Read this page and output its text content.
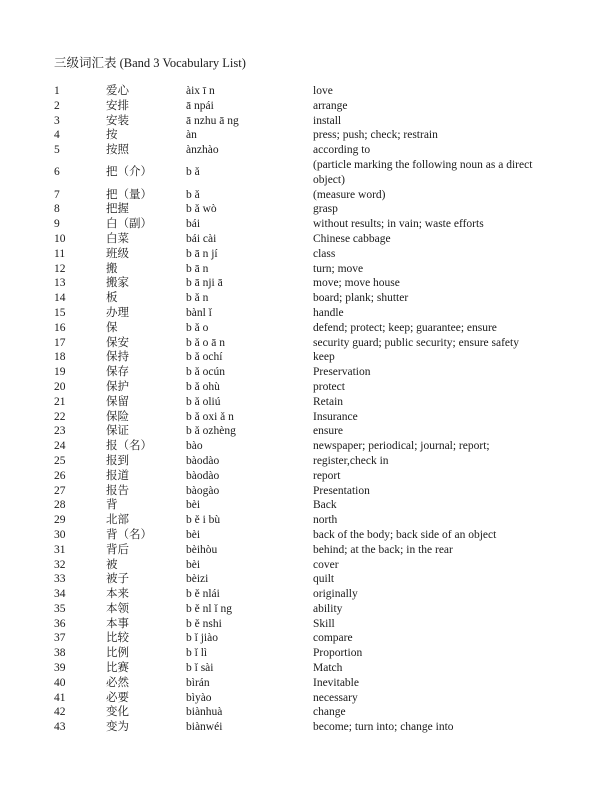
三级词汇表 (Band 3 Vocabulary List)
1	爱心	àix ī n	love
2	安排	ā npái	arrange
3	安装	ā nzhu ā ng	install
4	按	àn	press; push; check; restrain
5	按照	ànzhào	according to
6	把（介）	b ǎ
(particle marking the following noun as a direct object)
7	把（量）	b ǎ	(measure word)
8	把握	b ǎ wò	grasp
9	白（副）	bái	without results; in vain; waste efforts
10	白菜	bái cài	Chinese cabbage
11	班级	b ā n jí	class
12	搬	b ā n	turn; move
13	搬家	b ā nji ā	move; move house
14	板	b ǎ n	board; plank; shutter
15	办理	bànl ǐ	handle
16	保	b ǎ o	defend; protect; keep; guarantee; ensure
17	保安	b ǎ o ā n	security guard; public security; ensure safety
18	保持	b ǎ ochí	keep
19	保存	b ǎ ocún	Preservation
20	保护	b ǎ ohù	protect
21	保留	b ǎ oliú	Retain
22	保险	b ǎ oxi ǎ n	Insurance
23	保证	b ǎ ozhèng	ensure
24	报（名）	bào	newspaper; periodical; journal; report;
25	报到	bàodào	register,check in
26	报道	bàodào	report
27	报告	bàogào	Presentation
28	背	bèi	Back
29	北部	b ě i bù	north
30	背（名）	bèi	back of the body; back side of an object
31	背后	bèihòu	behind; at the back; in the rear
32	被	bèi	cover
33	被子	bèizi	quilt
34	本来	b ě nlái	originally
35	本领	b ě nl ǐ ng	ability
36	本事	b ě nshi	Skill
37	比较	b ǐ jiào	compare
38	比例	b ǐ lì	Proportion
39	比赛	b ǐ sài	Match
40	必然	bìrán	Inevitable
41	必要	bìyào	necessary
42	变化	biànhuà	change
43	变为	biànwéi	become; turn into; change into
